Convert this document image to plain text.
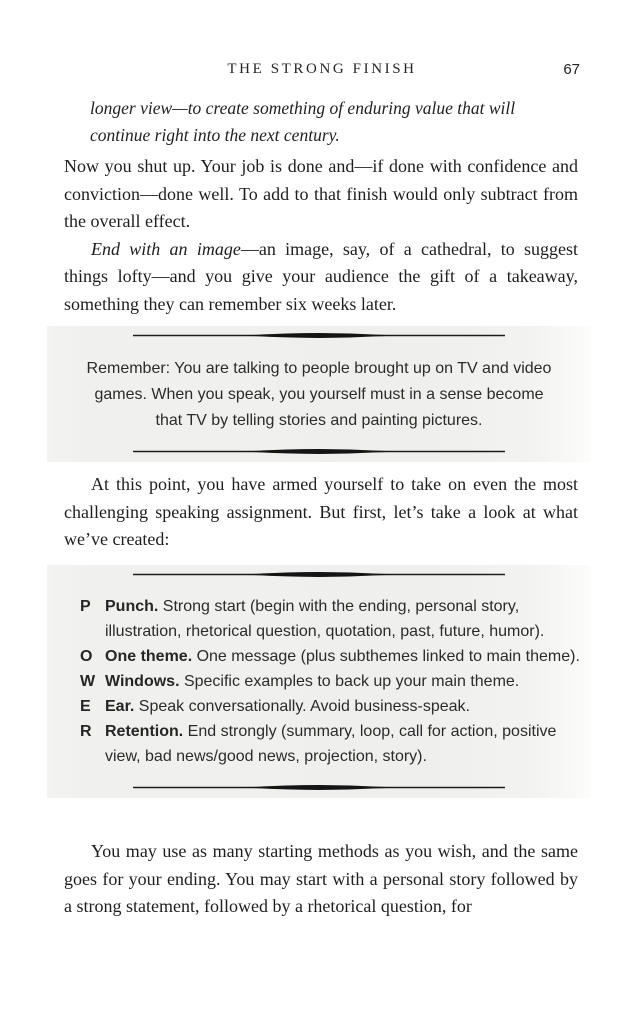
THE STRONG FINISH	67
longer view—to create something of enduring value that will continue right into the next century.

Now you shut up. Your job is done and—if done with confidence and conviction—done well. To add to that finish would only subtract from the overall effect.

End with an image—an image, say, of a cathedral, to suggest things lofty—and you give your audience the gift of a takeaway, something they can remember six weeks later.

Remember: You are talking to people brought up on TV and video games. When you speak, you yourself must in a sense become that TV by telling stories and painting pictures.

At this point, you have armed yourself to take on even the most challenging speaking assignment. But first, let’s take a look at what we’ve created:

P Punch. Strong start (begin with the ending, personal story, illustration, rhetorical question, quotation, past, future, humor).
O One theme. One message (plus subthemes linked to main theme).
W Windows. Specific examples to back up your main theme.
E Ear. Speak conversationally. Avoid business-speak.
R Retention. End strongly (summary, loop, call for action, positive view, bad news/good news, projection, story).

You may use as many starting methods as you wish, and the same goes for your ending. You may start with a personal story followed by a strong statement, followed by a rhetorical question, for
